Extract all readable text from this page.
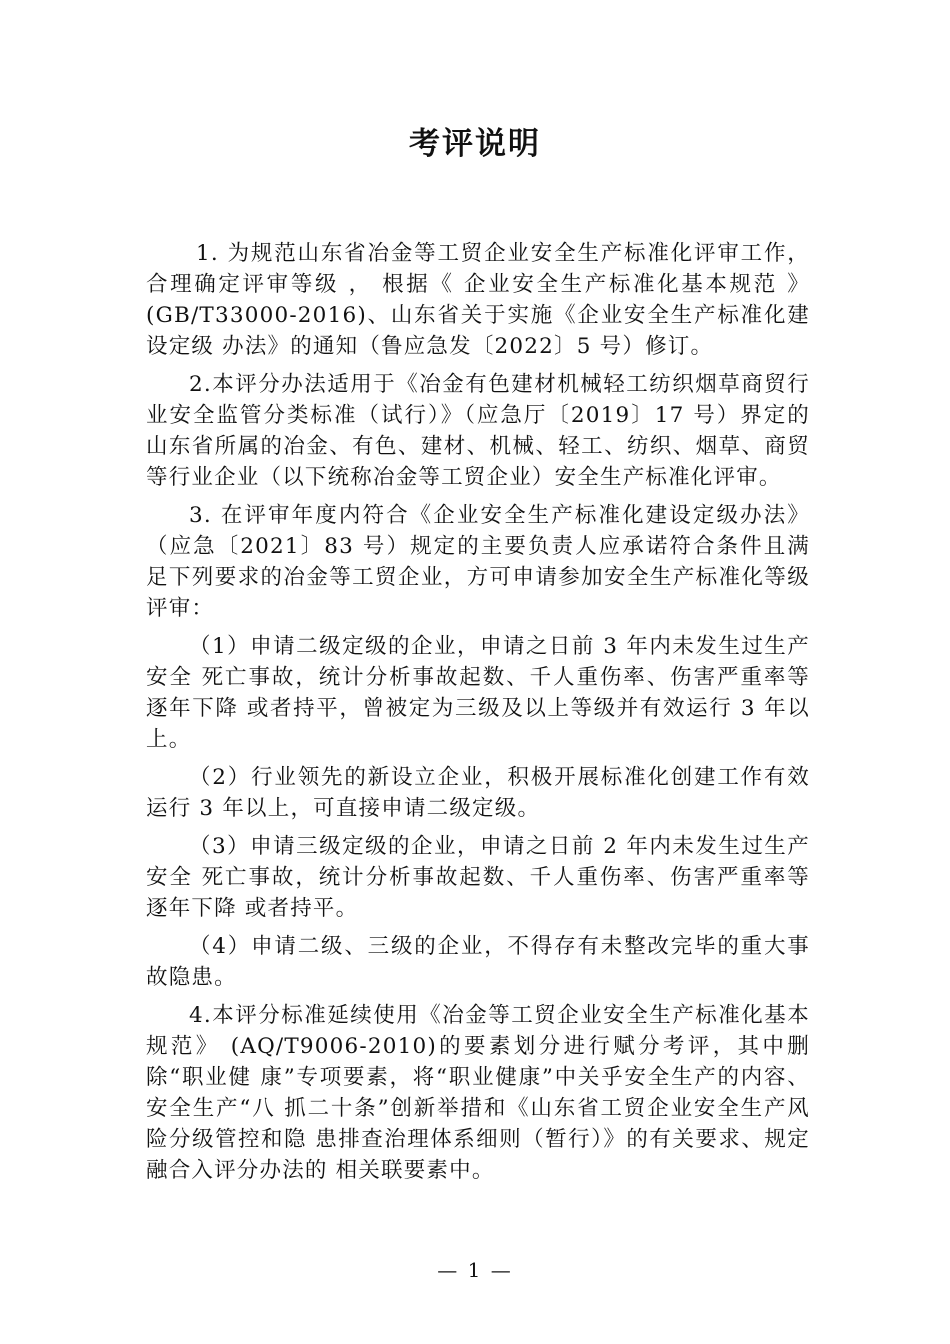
考评说明

1. 为规范山东省冶金等工贸企业安全生产标准化评审工作，合理确定评审等级 ， 根据《 企业安全生产标准化基本规范 》 (GB/T33000-2016)、山东省关于实施《企业安全生产标准化建设定级 办法》的通知（鲁应急发〔2022〕5 号）修订。

2.本评分办法适用于《冶金有色建材机械轻工纺织烟草商贸行业安全监管分类标准（试行）》（应急厅〔2019〕17 号）界定的山东省所属的冶金、有色、建材、机械、轻工、纺织、烟草、商贸等行业企业（以下统称冶金等工贸企业）安全生产标准化评审。

3. 在评审年度内符合《企业安全生产标准化建设定级办法》（应急〔2021〕83 号）规定的主要负责人应承诺符合条件且满足下列要求的冶金等工贸企业，方可申请参加安全生产标准化等级评审：

（1）申请二级定级的企业，申请之日前 3 年内未发生过生产安全 死亡事故，统计分析事故起数、千人重伤率、伤害严重率等逐年下降 或者持平，曾被定为三级及以上等级并有效运行 3 年以上。

（2）行业领先的新设立企业，积极开展标准化创建工作有效运行 3 年以上，可直接申请二级定级。

（3）申请三级定级的企业，申请之日前 2 年内未发生过生产安全 死亡事故，统计分析事故起数、千人重伤率、伤害严重率等逐年下降 或者持平。

（4）申请二级、三级的企业，不得存有未整改完毕的重大事故隐患。

4.本评分标准延续使用《冶金等工贸企业安全生产标准化基本规范》 (AQ/T9006-2010)的要素划分进行赋分考评，其中删除“职业健 康”专项要素，将“职业健康”中关乎安全生产的内容、安全生产“八 抓二十条”创新举措和《山东省工贸企业安全生产风险分级管控和隐 患排查治理体系细则（暂行）》的有关要求、规定融合入评分办法的 相关联要素中。

— 1 —
